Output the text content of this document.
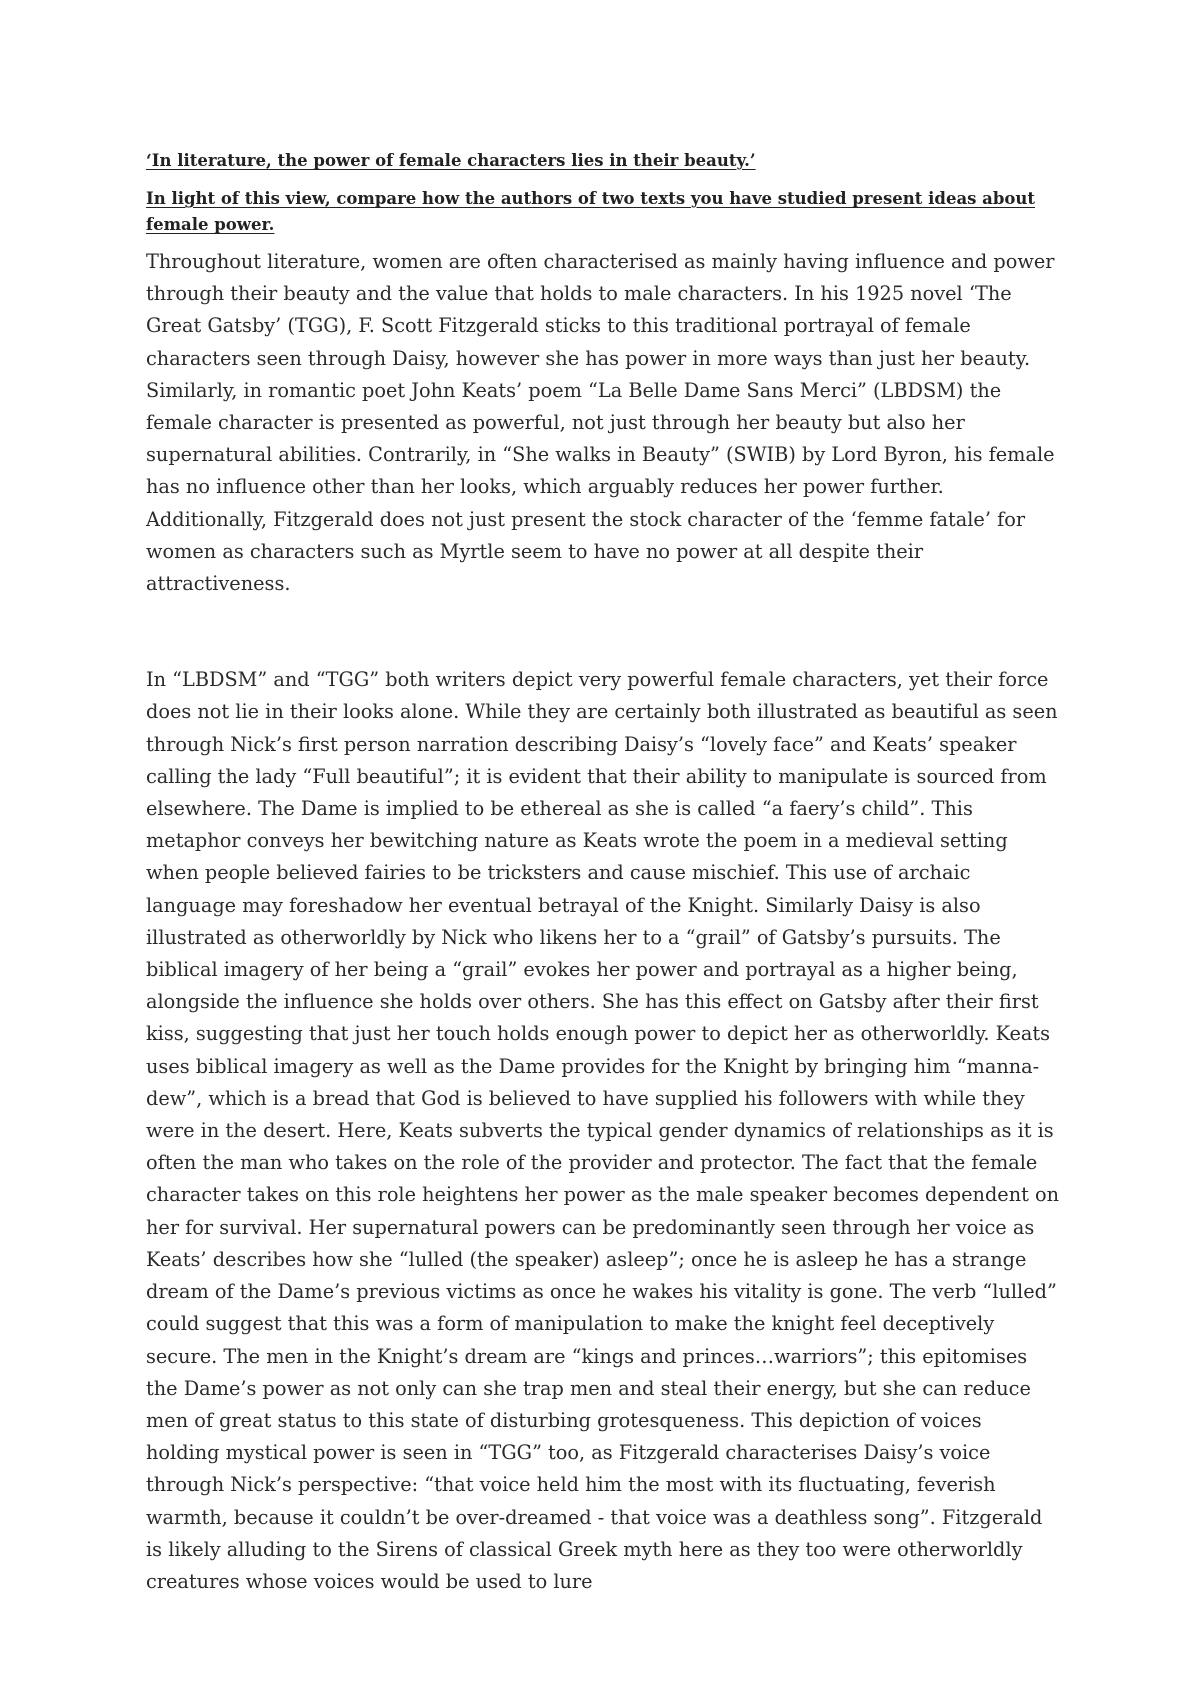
‘In literature, the power of female characters lies in their beauty.’

In light of this view, compare how the authors of two texts you have studied present ideas about female power.

Throughout literature, women are often characterised as mainly having influence and power through their beauty and the value that holds to male characters. In his 1925 novel ‘The Great Gatsby’ (TGG), F. Scott Fitzgerald sticks to this traditional portrayal of female characters seen through Daisy, however she has power in more ways than just her beauty. Similarly, in romantic poet John Keats’ poem “La Belle Dame Sans Merci” (LBDSM) the female character is presented as powerful, not just through her beauty but also her supernatural abilities. Contrarily, in “She walks in Beauty” (SWIB) by Lord Byron, his female has no influence other than her looks, which arguably reduces her power further. Additionally, Fitzgerald does not just present the stock character of the ‘femme fatale’ for women as characters such as Myrtle seem to have no power at all despite their attractiveness.

In “LBDSM” and “TGG” both writers depict very powerful female characters, yet their force does not lie in their looks alone. While they are certainly both illustrated as beautiful as seen through Nick’s first person narration describing Daisy’s “lovely face” and Keats’ speaker calling the lady “Full beautiful”; it is evident that their ability to manipulate is sourced from elsewhere. The Dame is implied to be ethereal as she is called “a faery’s child”. This metaphor conveys her bewitching nature as Keats wrote the poem in a medieval setting when people believed fairies to be tricksters and cause mischief. This use of archaic language may foreshadow her eventual betrayal of the Knight. Similarly Daisy is also illustrated as otherworldly by Nick who likens her to a “grail” of Gatsby’s pursuits. The biblical imagery of her being a “grail” evokes her power and portrayal as a higher being, alongside the influence she holds over others. She has this effect on Gatsby after their first kiss, suggesting that just her touch holds enough power to depict her as otherworldly. Keats uses biblical imagery as well as the Dame provides for the Knight by bringing him “manna-dew”, which is a bread that God is believed to have supplied his followers with while they were in the desert. Here, Keats subverts the typical gender dynamics of relationships as it is often the man who takes on the role of the provider and protector. The fact that the female character takes on this role heightens her power as the male speaker becomes dependent on her for survival. Her supernatural powers can be predominantly seen through her voice as Keats’ describes how she “lulled (the speaker) asleep”; once he is asleep he has a strange dream of the Dame’s previous victims as once he wakes his vitality is gone. The verb “lulled” could suggest that this was a form of manipulation to make the knight feel deceptively secure. The men in the Knight’s dream are “kings and princes…warriors”; this epitomises the Dame’s power as not only can she trap men and steal their energy, but she can reduce men of great status to this state of disturbing grotesqueness. This depiction of voices holding mystical power is seen in “TGG” too, as Fitzgerald characterises Daisy’s voice through Nick’s perspective: “that voice held him the most with its fluctuating, feverish warmth, because it couldn’t be over-dreamed - that voice was a deathless song”. Fitzgerald is likely alluding to the Sirens of classical Greek myth here as they too were otherworldly creatures whose voices would be used to lure
